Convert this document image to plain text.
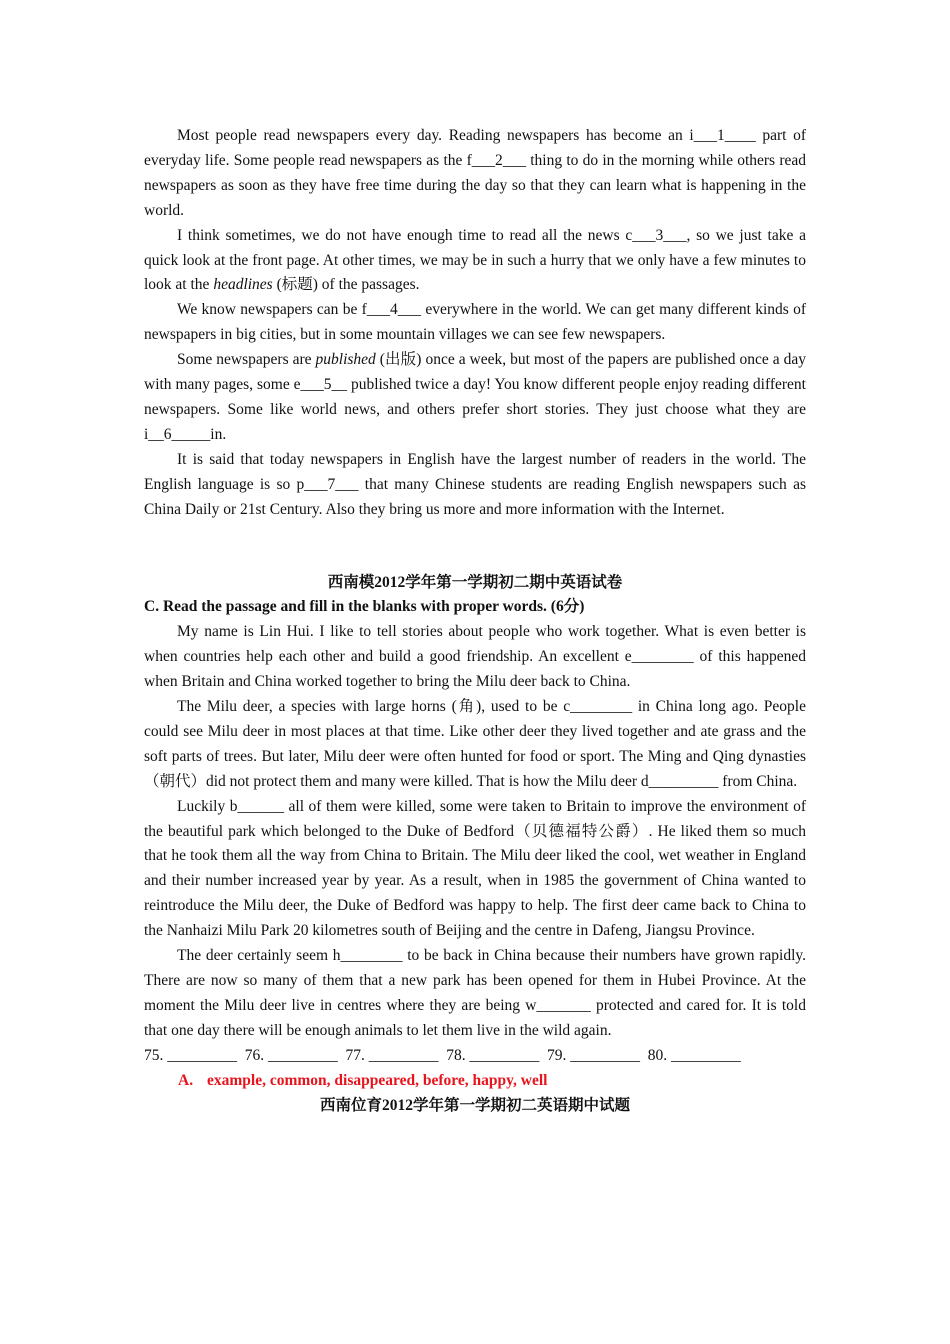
Most people read newspapers every day. Reading newspapers has become an i___1____ part of everyday life. Some people read newspapers as the f___2___ thing to do in the morning while others read newspapers as soon as they have free time during the day so that they can learn what is happening in the world.

I think sometimes, we do not have enough time to read all the news c___3___, so we just take a quick look at the front page. At other times, we may be in such a hurry that we only have a few minutes to look at the headlines (标题) of the passages.

We know newspapers can be f___4___ everywhere in the world. We can get many different kinds of newspapers in big cities, but in some mountain villages we can see few newspapers.

Some newspapers are published (出版) once a week, but most of the papers are published once a day with many pages, some e___5__ published twice a day! You know different people enjoy reading different newspapers. Some like world news, and others prefer short stories. They just choose what they are i__6_____in.

It is said that today newspapers in English have the largest number of readers in the world. The English language is so p___7___ that many Chinese students are reading English newspapers such as China Daily or 21st Century. Also they bring us more and more information with the Internet.

西南模2012学年第一学期初二期中英语试卷

C. Read the passage and fill in the blanks with proper words. (6分)

My name is Lin Hui. I like to tell stories about people who work together. What is even better is when countries help each other and build a good friendship. An excellent e________ of this happened when Britain and China worked together to bring the Milu deer back to China.

The Milu deer, a species with large horns (角), used to be c________ in China long ago. People could see Milu deer in most places at that time. Like other deer they lived together and ate grass and the soft parts of trees. But later, Milu deer were often hunted for food or sport. The Ming and Qing dynasties（朝代）did not protect them and many were killed. That is how the Milu deer d_________ from China.

Luckily b______ all of them were killed, some were taken to Britain to improve the environment of the beautiful park which belonged to the Duke of Bedford（贝德福特公爵）. He liked them so much that he took them all the way from China to Britain. The Milu deer liked the cool, wet weather in England and their number increased year by year. As a result, when in 1985 the government of China wanted to reintroduce the Milu deer, the Duke of Bedford was happy to help. The first deer came back to China to the Nanhaizi Milu Park 20 kilometres south of Beijing and the centre in Dafeng, Jiangsu Province.

The deer certainly seem h________ to be back in China because their numbers have grown rapidly. There are now so many of them that a new park has been opened for them in Hubei Province. At the moment the Milu deer live in centres where they are being w_______ protected and cared for. It is told that one day there will be enough animals to let them live in the wild again.

75. _________  76. _________  77. _________  78. _________  79. _________  80. _________

A. example, common, disappeared, before, happy, well

西南位育2012学年第一学期初二英语期中试题
